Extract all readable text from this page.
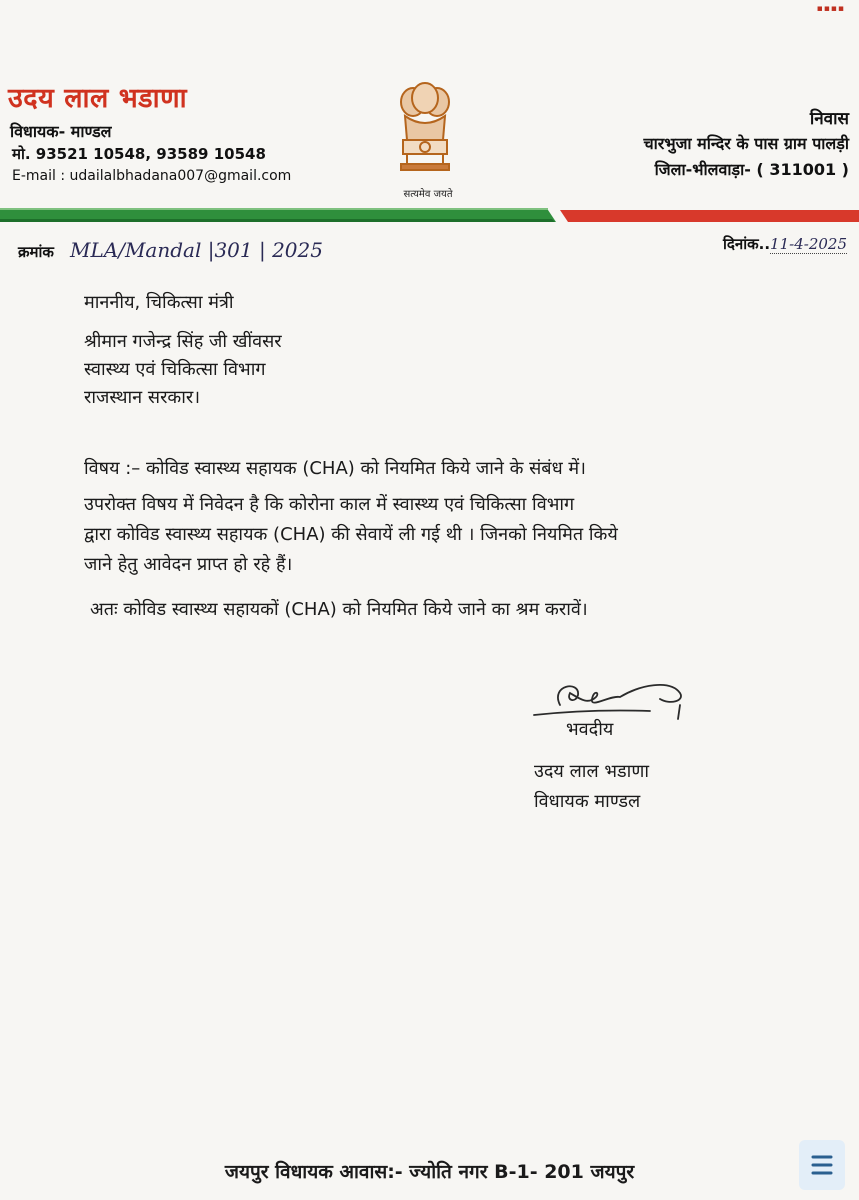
▪▪▪▪
उदय लाल भडाणा
विधायक- माण्डल
मो. 93521 10548, 93589 10548
E-mail : udailalbhadana007@gmail.com
सत्यमेव जयते
निवास
चारभुजा मन्दिर के पास ग्राम पालड़ी
जिला-भीलवाड़ा- ( 311001 )
क्रमांक MLA/Mandal |301 | 2025	दिनांक..11-4-2025
माननीय, चिकित्सा मंत्री
श्रीमान गजेन्द्र सिंह जी खींवसर
स्वास्थ्य एवं चिकित्सा विभाग
राजस्थान सरकार।
विषय :– कोविड स्वास्थ्य सहायक (CHA) को नियमित किये जाने के संबंध में।
उपरोक्त विषय में निवेदन है कि कोरोना काल में स्वास्थ्य एवं चिकित्सा विभाग
द्वारा कोविड स्वास्थ्य सहायक (CHA) की सेवायें ली गई थी । जिनको नियमित किये
जाने हेतु आवेदन प्राप्त हो रहे हैं।
अतः कोविड स्वास्थ्य सहायकों (CHA) को नियमित किये जाने का श्रम करावें।
भवदीय
उदय लाल भडाणा
विधायक माण्डल
जयपुर विधायक आवास:- ज्योति नगर B-1- 201 जयपुर
